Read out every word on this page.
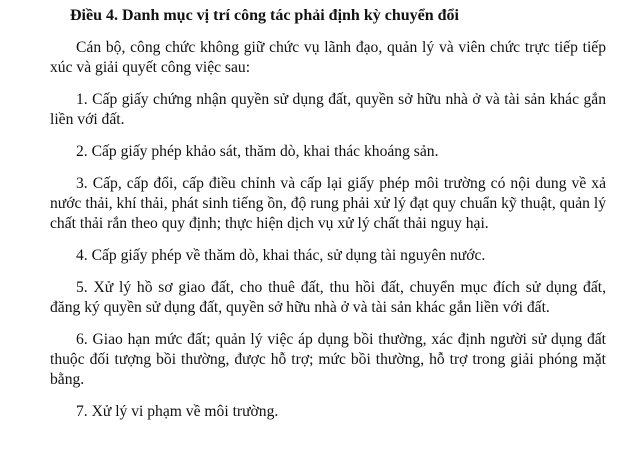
Điều 4. Danh mục vị trí công tác phải định kỳ chuyển đổi

Cán bộ, công chức không giữ chức vụ lãnh đạo, quản lý và viên chức trực tiếp tiếp xúc và giải quyết công việc sau:

1. Cấp giấy chứng nhận quyền sử dụng đất, quyền sở hữu nhà ở và tài sản khác gắn liền với đất.

2. Cấp giấy phép khảo sát, thăm dò, khai thác khoáng sản.

3. Cấp, cấp đổi, cấp điều chỉnh và cấp lại giấy phép môi trường có nội dung về xả nước thải, khí thải, phát sinh tiếng ồn, độ rung phải xử lý đạt quy chuẩn kỹ thuật, quản lý chất thải rắn theo quy định; thực hiện dịch vụ xử lý chất thải nguy hại.

4. Cấp giấy phép về thăm dò, khai thác, sử dụng tài nguyên nước.

5. Xử lý hồ sơ giao đất, cho thuê đất, thu hồi đất, chuyển mục đích sử dụng đất, đăng ký quyền sử dụng đất, quyền sở hữu nhà ở và tài sản khác gắn liền với đất.

6. Giao hạn mức đất; quản lý việc áp dụng bồi thường, xác định người sử dụng đất thuộc đối tượng bồi thường, được hỗ trợ; mức bồi thường, hỗ trợ trong giải phóng mặt bằng.

7. Xử lý vi phạm về môi trường.
